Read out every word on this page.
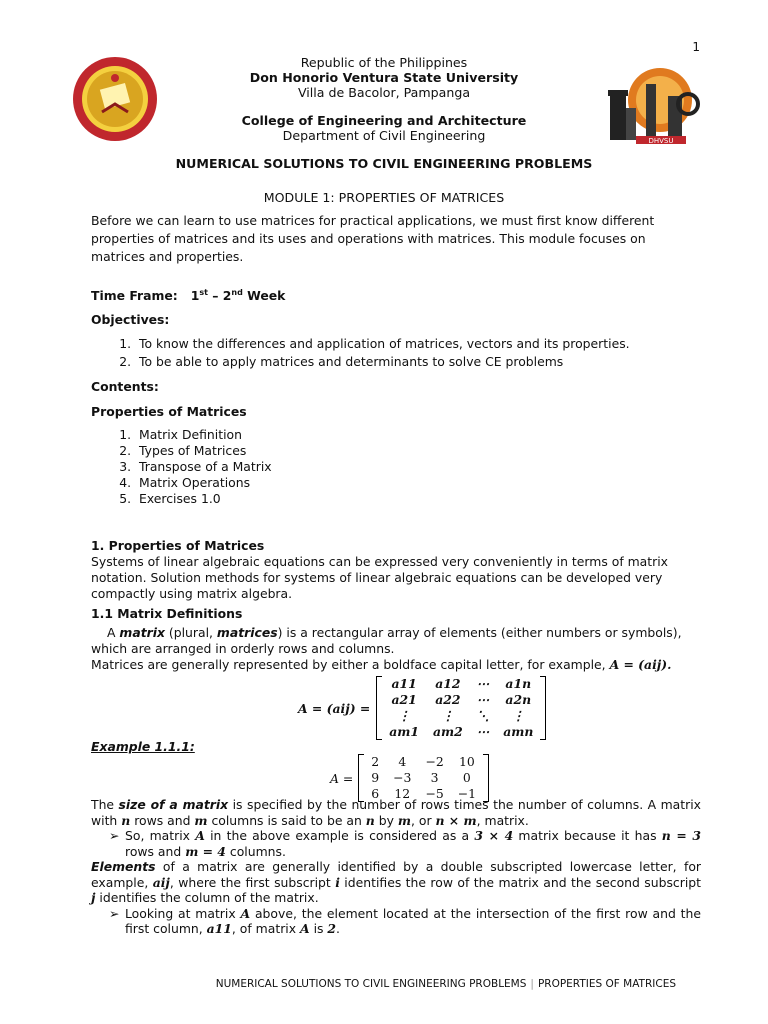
1
DHVSU
Republic of the Philippines
Don Honorio Ventura State University
Villa de Bacolor, Pampanga
College of Engineering and Architecture
Department of Civil Engineering
NUMERICAL SOLUTIONS TO CIVIL ENGINEERING PROBLEMS
MODULE 1: PROPERTIES OF MATRICES

Before we can learn to use matrices for practical applications, we must first know different properties of matrices and its uses and operations with matrices. This module focuses on matrices and properties.

Time Frame: 1st – 2nd Week

Objectives:

1. To know the differences and application of matrices, vectors and its properties.
2. To be able to apply matrices and determinants to solve CE problems

Contents:

Properties of Matrices

1. Matrix Definition
2. Types of Matrices
3. Transpose of a Matrix
4. Matrix Operations
5. Exercises 1.0

1. Properties of Matrices

Systems of linear algebraic equations can be expressed very conveniently in terms of matrix notation. Solution methods for systems of linear algebraic equations can be developed very compactly using matrix algebra.

1.1 Matrix Definitions

A matrix (plural, matrices) is a rectangular array of elements (either numbers or symbols), which are arranged in orderly rows and columns.

Matrices are generally represented by either a boldface capital letter, for example, A = (aij).

A = (aij) =
a11	a12	⋯	a1n
a21	a22	⋯	a2n
⋮	⋮	⋱	⋮
am1	am2	⋯	amn

Example 1.1.1:

A =
2	4	−2	10
9	−3	3	0
6	12	−5	−1

The size of a matrix is specified by the number of rows times the number of columns. A matrix with n rows and m columns is said to be an n by m, or n × m, matrix.

➢ So, matrix A in the above example is considered as a 3 × 4 matrix because it has n = 3 rows and m = 4 columns.

Elements of a matrix are generally identified by a double subscripted lowercase letter, for example, aij, where the first subscript i identifies the row of the matrix and the second subscript j identifies the column of the matrix.

➢ Looking at matrix A above, the element located at the intersection of the first row and the first column, a11, of matrix A is 2.

NUMERICAL SOLUTIONS TO CIVIL ENGINEERING PROBLEMS | PROPERTIES OF MATRICES
